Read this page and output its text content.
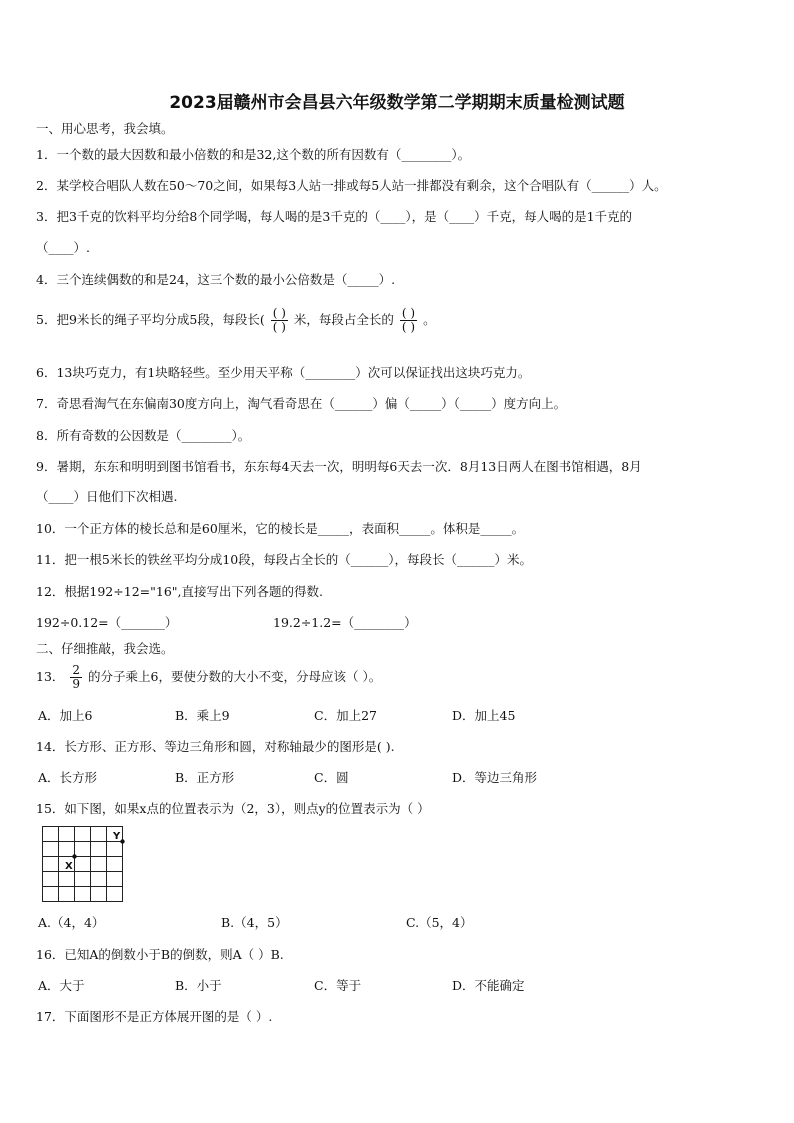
2023届赣州市会昌县六年级数学第二学期期末质量检测试题
一、用心思考，我会填。
1．一个数的最大因数和最小倍数的和是32,这个数的所有因数有（________）。
2．某学校合唱队人数在50～70之间，如果每3人站一排或每5人站一排都没有剩余，这个合唱队有（______）人。
3．把3千克的饮料平均分给8个同学喝，每人喝的是3千克的（____），是（____）千克，每人喝的是1千克的
（____）.
4．三个连续偶数的和是24，这三个数的最小公倍数是（_____）.
5．把9米长的绳子平均分成5段，每段长( $\frac{( )}{( )}$ 米，每段占全长的 $\frac{( )}{( )}$ 。
6．13块巧克力，有1块略轻些。至少用天平称（________）次可以保证找出这块巧克力。
7．奇思看淘气在东偏南30度方向上，淘气看奇思在（______）偏（_____）（_____）度方向上。
8．所有奇数的公因数是（________）。
9．暑期，东东和明明到图书馆看书，东东每4天去一次，明明每6天去一次．8月13日两人在图书馆相遇，8月
（____）日他们下次相遇.
10．一个正方体的棱长总和是60厘米，它的棱长是_____，表面积_____。体积是_____。
11．把一根5米长的铁丝平均分成10段，每段占全长的（______），每段长（______）米。
12．根据192÷12="16",直接写出下列各题的得数.
192÷0.12=（_______）	19.2÷1.2=（________）
二、仔细推敲，我会选。
13． $\frac{2}{9}$ 的分子乘上6，要使分数的大小不变，分母应该（ ）。
A．加上6	B．乘上9	C．加上27	D．加上45
14．长方形、正方形、等边三角形和圆，对称轴最少的图形是( ).
A．长方形	B．正方形	C．圆	D．等边三角形
15．如下图，如果x点的位置表示为（2，3），则点y的位置表示为（ ）
X
Y
A.（4，4）	B.（4，5）	C.（5，4）
16．已知A的倒数小于B的倒数，则A（ ）B.
A．大于	B．小于	C．等于	D．不能确定
17．下面图形不是正方体展开图的是（ ）.
